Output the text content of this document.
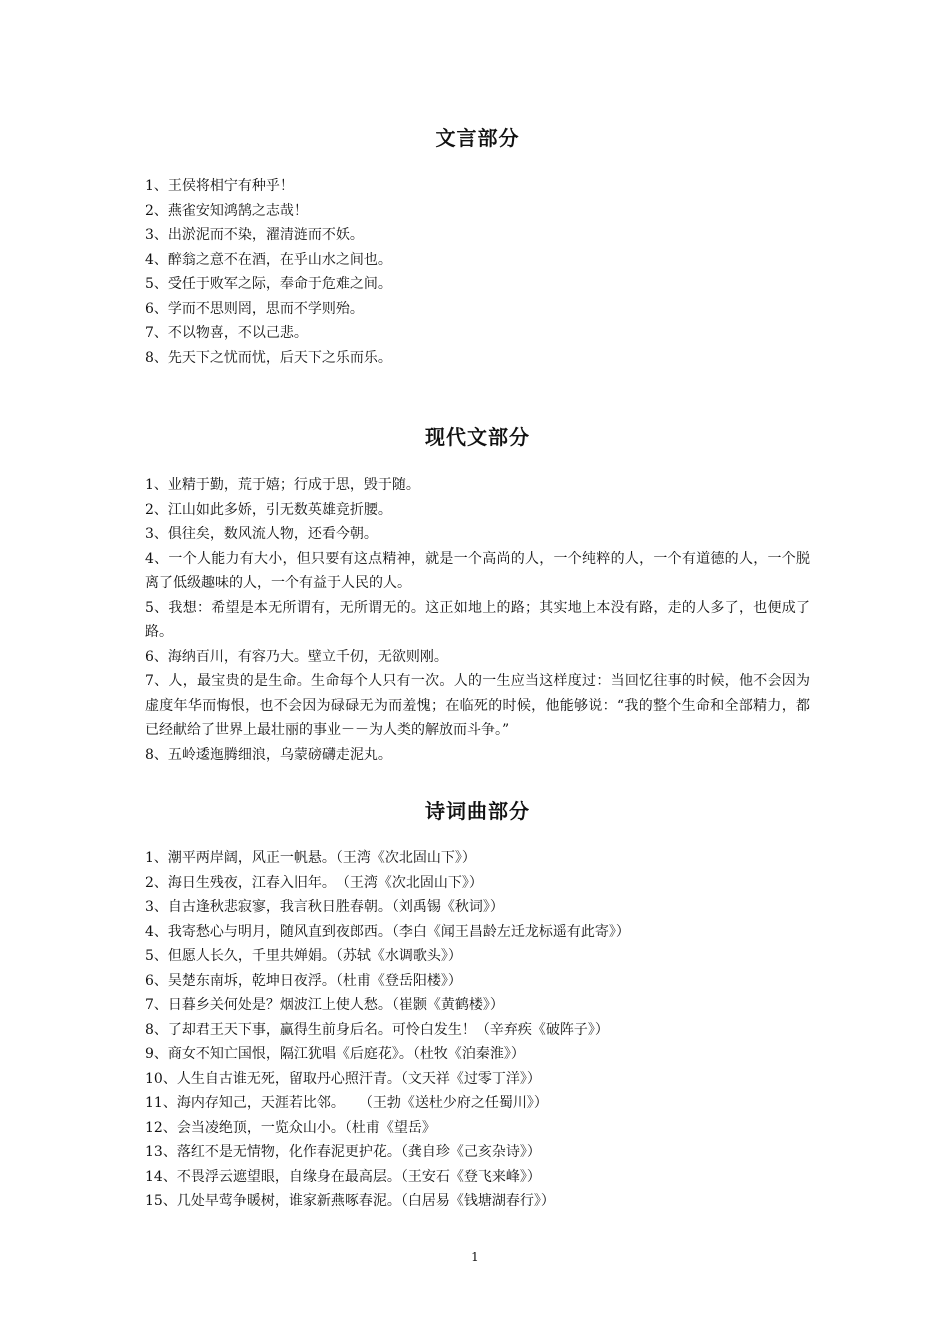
文言部分
1、王侯将相宁有种乎！
2、燕雀安知鸿鹄之志哉！
3、出淤泥而不染，濯清涟而不妖。
4、醉翁之意不在酒，在乎山水之间也。
5、受任于败军之际，奉命于危难之间。
6、学而不思则罔，思而不学则殆。
7、不以物喜，不以己悲。
8、先天下之忧而忧，后天下之乐而乐。
现代文部分
1、业精于勤，荒于嬉；行成于思，毁于随。
2、江山如此多娇，引无数英雄竞折腰。
3、俱往矣，数风流人物，还看今朝。
4、一个人能力有大小，但只要有这点精神，就是一个高尚的人，一个纯粹的人，一个有道德的人，一个脱离了低级趣味的人，一个有益于人民的人。
5、我想：希望是本无所谓有，无所谓无的。这正如地上的路；其实地上本没有路，走的人多了，也便成了路。
6、海纳百川，有容乃大。壁立千仞，无欲则刚。
7、人，最宝贵的是生命。生命每个人只有一次。人的一生应当这样度过：当回忆往事的时候，他不会因为虚度年华而悔恨，也不会因为碌碌无为而羞愧；在临死的时候，他能够说：“我的整个生命和全部精力，都已经献给了世界上最壮丽的事业－－为人类的解放而斗争。”
8、五岭逶迤腾细浪，乌蒙磅礴走泥丸。
诗词曲部分
1、潮平两岸阔，风正一帆悬。（王湾《次北固山下》）
2、海日生残夜，江春入旧年。　（王湾《次北固山下》）
3、自古逢秋悲寂寥，我言秋日胜春朝。（刘禹锡《秋词》）
4、我寄愁心与明月，随风直到夜郎西。（李白《闻王昌龄左迁龙标遥有此寄》）
5、但愿人长久，千里共婵娟。（苏轼《水调歌头》）
6、吴楚东南坼，乾坤日夜浮。（杜甫《登岳阳楼》）
7、日暮乡关何处是？烟波江上使人愁。（崔颢《黄鹤楼》）
8、了却君王天下事，赢得生前身后名。可怜白发生！（辛弃疾《破阵子》）
9、商女不知亡国恨，隔江犹唱《后庭花》。（杜牧《泊秦淮》）
10、人生自古谁无死，留取丹心照汗青。（文天祥《过零丁洋》）
11、海内存知己，天涯若比邻。　　（王勃《送杜少府之任蜀川》）
12、会当凌绝顶，一览众山小。（杜甫《望岳》
13、落红不是无情物，化作春泥更护花。（龚自珍《己亥杂诗》）
14、不畏浮云遮望眼，自缘身在最高层。（王安石《登飞来峰》）
15、几处早莺争暖树，谁家新燕啄春泥。（白居易《钱塘湖春行》）
1
